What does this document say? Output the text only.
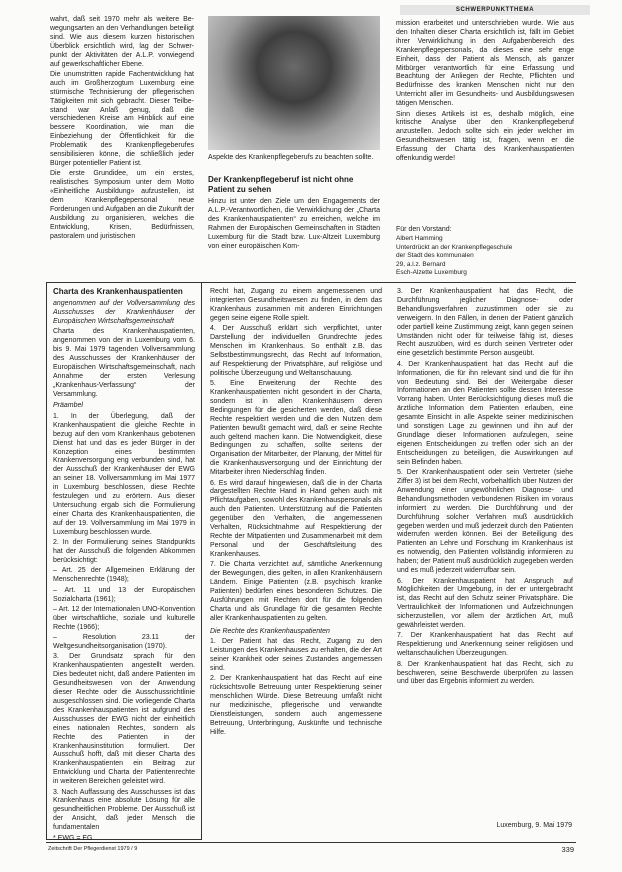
SCHWERPUNKTTHEMA

wahrt, daß seit 1970 mehr als weitere Be-wegungsarten an den Verhandlungen beteiligt sind. Wie aus diesem kurzen historischen Überblick ersichtlich wird, lag der Schwer-punkt der Aktivitäten der A.L.P. vorwiegend auf gewerkschaftlicher Ebene.

Die unumstritten rapide Fachentwicklung hat auch im Großherzogtum Luxemburg eine stürmische Technisierung der pflegerischen Tätigkeiten mit sich gebracht. Dieser Teilbe-stand war Anlaß genug, daß die verschiedenen Kreise am Hinblick auf eine bessere Koordination, wie man die Einbeziehung der Öffentlichkeit für die Problematik des Krankenpflegeberufes sensibilisieren könne, die schließlich jeder Bürger potentieller Patient ist.

Die erste Grundidee, um ein erstes, realistisches Symposium unter dem Motto «Einheitliche Ausbildung» aufzustellen, ist dem Krankenpflegepersonal neue Forderungen und Aufgaben an die Zukunft der Ausbildung zu organisieren, welches die Entwicklung, Krisen, Bedürfnissen, pastoralem und juristischen

Aspekte des Krankenpflegeberufs zu beachten sollte.
Der Krankenpflegeberuf ist nicht ohne Patient zu sehen

Hinzu ist unter den Ziele um den Engagements der A.L.P.-Verantwortlichen, die Verwirklichung der „Charta des Krankenhauspatienten“ zu erreichen, welche im Rahmen der Europäischen Gemeinschaften in Städten Luxemburg für die Stadt bzw. Lux-Altzeit Luxemburg von einer europäischen Kom-

mission erarbeitet und unterschrieben wurde. Wie aus den Inhalten dieser Charta ersichtlich ist, fällt im Gebiet ihrer Verwirklichung in den Aufgabenbereich des Krankenpflegepersonals, da dieses eine sehr enge Einheit, dass der Patient als Mensch, als ganzer Mitbürger verantwortlich für eine Erfassung und Beachtung der Anliegen der Rechte, Pflichten und Bedürfnisse des kranken Menschen nicht nur den Unterricht aller im Gesundheits- und Ausbildungswesen tätigen Menschen.

Sinn dieses Artikels ist es, deshalb möglich, eine kritische Analyse über den Krankenpflegeberuf anzustellen. Jedoch sollte sich ein jeder welcher im Gesundheitswesen tätig ist, fragen, wenn er die Erfassung der Charta des Krankenhauspatienten offenkundig werde!

Für den Vorstand:
Albert Hamming
Unterdrückt an der Krankenpflegeschule
der Stadt des kommunalen
29, a.l.z. Bernard
Esch-Alzette Luxemburg
Charta des Krankenhauspatienten

angenommen auf der Vollversammlung des Ausschusses der Krankenhäuser der Europäischen Wirtschaftsgemeinschaft

Charta des Krankenhauspatienten, angenommen von der in Luxemburg vom 6. bis 9. Mai 1979 tagenden Vollversammlung des Ausschusses der Krankenhäuser der Europäischen Wirtschaftsgemeinschaft, nach Annahme der ersten Verlesung „Krankenhaus-Verfassung“ der Versammlung.

Präambel

1. In der Überlegung, daß der Krankenhauspatient die gleiche Rechte in bezug auf den vom Krankenhaus gebotenen Dienst hat und das es jeder Bürger in der Konzeption eines bestimmten Krankenversorgung eng verbunden sind, hat der Ausschuß der Krankenhäuser der EWG an seiner 18. Vollversammlung im Mai 1977 in Luxemburg beschlossen, diese Rechte festzulegen und zu erörtern. Aus dieser Untersuchung ergab sich die Formulierung einer Charta des Krankenhauspatienten, die auf der 19. Vollversammlung im Mai 1979 in Luxemburg beschlossen wurde.

2. In der Formulierung seines Standpunkts hat der Ausschuß die folgenden Abkommen berücksichtigt:

– Art. 25 der Allgemeinen Erklärung der Menschenrechte (1948);

– Art. 11 und 13 der Europäischen Sozialcharta (1961);

– Art. 12 der Internationalen UNO-Konvention über wirtschaftliche, soziale und kulturelle Rechte (1966);

– Resolution 23.11 der Weltgesundheitsorganisation (1970).

3. Der Grundsatz sprach für den Krankenhauspatienten angestellt werden. Dies bedeutet nicht, daß andere Patienten im Gesundheitswesen von der Anwendung dieser Rechte oder die Ausschussrichtlinie ausgeschlossen sind. Die vorliegende Charta des Krankenhauspatienten ist aufgrund des Ausschusses der EWG nicht der einheitlich eines nationalen Rechtes, sondern als Rechte des Patienten in der Krankenhausinstitution formuliert. Der Ausschuß hofft, daß mit dieser Charta des Krankenhauspatienten ein Beitrag zur Entwicklung und Charta der Patientenrechte in weiteren Bereichen geleistet wird.

3. Nach Auffassung des Ausschusses ist das Krankenhaus eine absolute Lösung für alle gesundheitlichen Probleme. Der Ausschuß ist der Ansicht, daß jeder Mensch die fundamentalen

* EWG = EG

Recht hat, Zugang zu einem angemessenen und integrierten Gesundheitswesen zu finden, in dem das Krankenhaus zusammen mit anderen Einrichtungen gegen seine eigene Rolle spielt.

4. Der Ausschuß erklärt sich verpflichtet, unter Darstellung der individuellen Grundrechte jedes Menschen im Krankenhaus. So enthält z.B. das Selbstbestimmungsrecht, das Recht auf Information, auf Respektierung der Privatsphäre, auf religiöse und politische Überzeugung und Weltanschauung.

5. Eine Erweiterung der Rechte des Krankenhauspatienten nicht gesondert in der Charta, sondern ist in allen Krankenhäusern deren Bedingungen für die gesicherten werden, daß diese Rechte respektiert werden und die den Nutzen dem Patienten bewußt gemacht wird, daß er seine Rechte auch geltend machen kann. Die Notwendigkeit, diese Bedingungen zu schaffen, sollte seitens der Organisation der Mitarbeiter, der Planung, der Mittel für die Krankenhausversorgung und der Einrichtung der Mitarbeiter ihren Niederschlag finden.

6. Es wird darauf hingewiesen, daß die in der Charta dargestellten Rechte Hand in Hand gehen auch mit Pflichtaufgaben, sowohl des Krankenhauspersonals als auch den Patienten. Unterstützung auf die Patienten gegenüber den Verhalten, die angemessenen Verhalten, Rücksichtnahme auf Respektierung der Rechte der Mitpatienten und Zusammenarbeit mit dem Personal und der Geschäftsleitung des Krankenhauses.

7. Die Charta verzichtet auf, sämtliche Anerkennung der Bewegungen, dies gelten, in allen Krankenhäusern Ländern. Einige Patienten (z.B. psychisch kranke Patienten) bedürfen eines besonderen Schutzes. Die Ausführungen mit Rechten dort für die folgenden Charta und als Grundlage für die gesamten Rechte aller Krankenhauspatienten zu gelten.

Die Rechte des Krankenhauspatienten

1. Der Patient hat das Recht, Zugang zu den Leistungen des Krankenhauses zu erhalten, die der Art seiner Krankheit oder seines Zustandes angemessen sind.

2. Der Krankenhauspatient hat das Recht auf eine rücksichtsvolle Betreuung unter Respektierung seiner menschlichen Würde. Diese Betreuung umfaßt nicht nur medizinische, pflegerische und verwandte Dienstleistungen, sondern auch angemessene Betreuung, Unterbringung, Auskünfte und technische Hilfe.

3. Der Krankenhauspatient hat das Recht, die Durchführung jeglicher Diagnose- oder Behandlungsverfahren zuzustimmen oder sie zu verweigern. In den Fällen, in denen der Patient gänzlich oder partiell keine Zustimmung zeigt, kann gegen seinen Umständen nicht oder für teilweise fähig ist, dieses Recht auszuüben, wird es durch seinen Vertreter oder eine gesetzlich bestimmte Person ausgeübt.

4. Der Krankenhauspatient hat das Recht auf die Informationen, die für ihn relevant sind und die für ihn von Bedeutung sind. Bei der Weitergabe dieser Informationen an den Patienten sollte dessen Interesse Vorrang haben. Unter Berücksichtigung dieses muß die ärztliche Information dem Patienten erlauben, eine gesamte Einsicht in alle Aspekte seiner medizinischen und sonstigen Lage zu gewinnen und ihn auf der Grundlage dieser Informationen aufzulegen, seine eigenen Entscheidungen zu treffen oder sich an der Entscheidungen zu beteiligen, die Auswirkungen auf sein Befinden haben.

5. Der Krankenhauspatient oder sein Vertreter (siehe Ziffer 3) ist bei dem Recht, vorbehaltlich über Nutzen der Anwendung einer ungewöhnlichen Diagnose- und Behandlungsmethoden verbundenen Risiken im voraus informiert zu werden. Die Durchführung und der Durchführung solcher Verfahren muß ausdrücklich gegeben werden und muß jederzeit durch den Patienten widerrufen werden können. Bei der Beteiligung des Patienten an Lehre und Forschung im Krankenhaus ist es notwendig, den Patienten vollständig informieren zu haben; der Patient muß ausdrücklich zugegeben werden und es muß jederzeit widerrufbar sein.

6. Der Krankenhauspatient hat Anspruch auf Möglichkeiten der Umgebung, in der er untergebracht ist, das Recht auf den Schutz seiner Privatsphäre. Die Vertraulichkeit der Informationen und Aufzeichnungen sicherzustellen, vor allem der ärztlichen Art, muß gewährleistet werden.

7. Der Krankenhauspatient hat das Recht auf Respektierung und Anerkennung seiner religiösen und weltanschaulichen Überzeugungen.

8. Der Krankenhauspatient hat das Recht, sich zu beschweren, seine Beschwerde überprüfen zu lassen und über das Ergebnis informiert zu werden.

Luxemburg, 9. Mai 1979
Zeitschrift Der Pflegerdienst 1979 / 9	339
